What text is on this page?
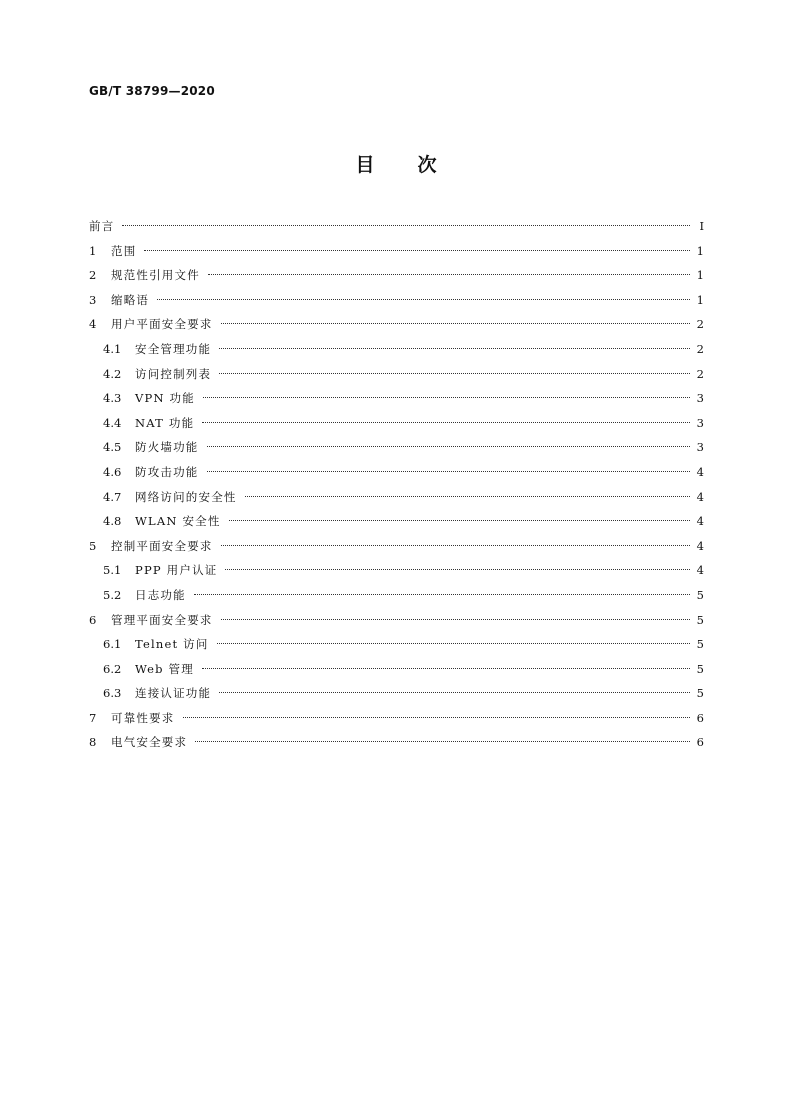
GB/T 38799—2020
目次
前言	Ⅰ
1	范围	1
2	规范性引用文件	1
3	缩略语	1
4	用户平面安全要求	2
4.1	安全管理功能	2
4.2	访问控制列表	2
4.3	VPN 功能	3
4.4	NAT 功能	3
4.5	防火墙功能	3
4.6	防攻击功能	4
4.7	网络访问的安全性	4
4.8	WLAN 安全性	4
5	控制平面安全要求	4
5.1	PPP 用户认证	4
5.2	日志功能	5
6	管理平面安全要求	5
6.1	Telnet 访问	5
6.2	Web 管理	5
6.3	连接认证功能	5
7	可靠性要求	6
8	电气安全要求	6
